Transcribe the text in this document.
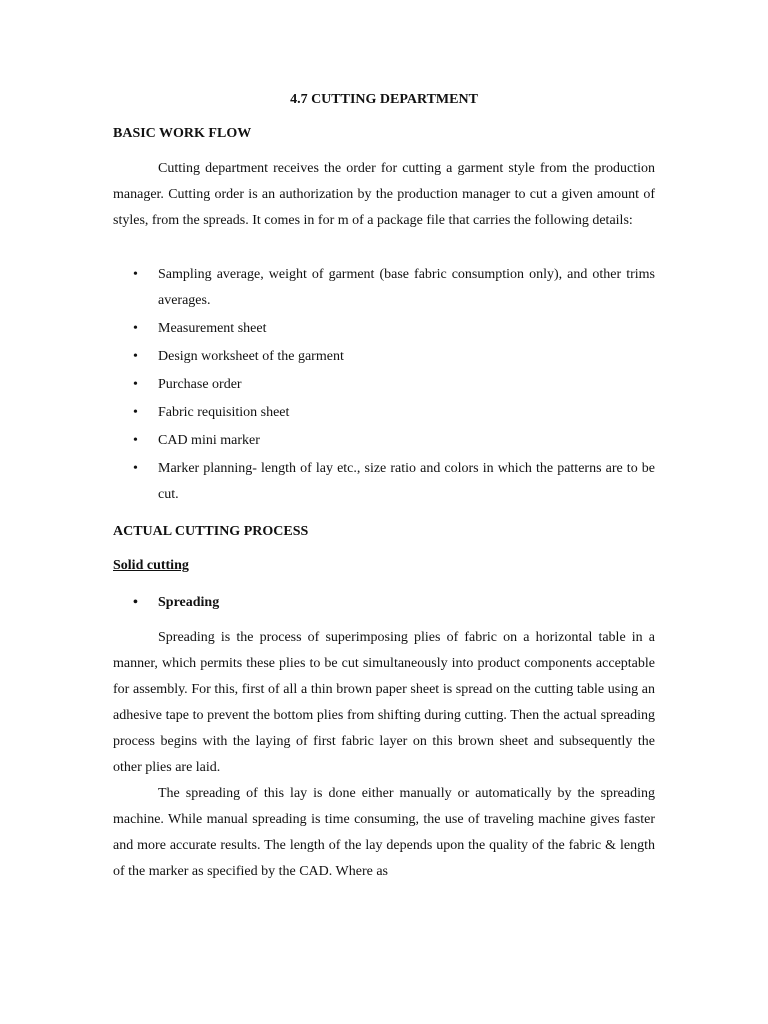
4.7 CUTTING DEPARTMENT
BASIC WORK FLOW

Cutting department receives the order for cutting a garment style from the production manager. Cutting order is an authorization by the production manager to cut a given amount of styles, from the spreads. It comes in for m of a package file that carries the following details:

• Sampling average, weight of garment (base fabric consumption only), and other trims averages.
• Measurement sheet
• Design worksheet of the garment
• Purchase order
• Fabric requisition sheet
• CAD mini marker
• Marker planning- length of lay etc., size ratio and colors in which the patterns are to be cut.
ACTUAL CUTTING PROCESS
Solid cutting
• Spreading

Spreading is the process of superimposing plies of fabric on a horizontal table in a manner, which permits these plies to be cut simultaneously into product components acceptable for assembly. For this, first of all a thin brown paper sheet is spread on the cutting table using an adhesive tape to prevent the bottom plies from shifting during cutting. Then the actual spreading process begins with the laying of first fabric layer on this brown sheet and subsequently the other plies are laid.

The spreading of this lay is done either manually or automatically by the spreading machine. While manual spreading is time consuming, the use of traveling machine gives faster and more accurate results. The length of the lay depends upon the quality of the fabric & length of the marker as specified by the CAD. Where as
